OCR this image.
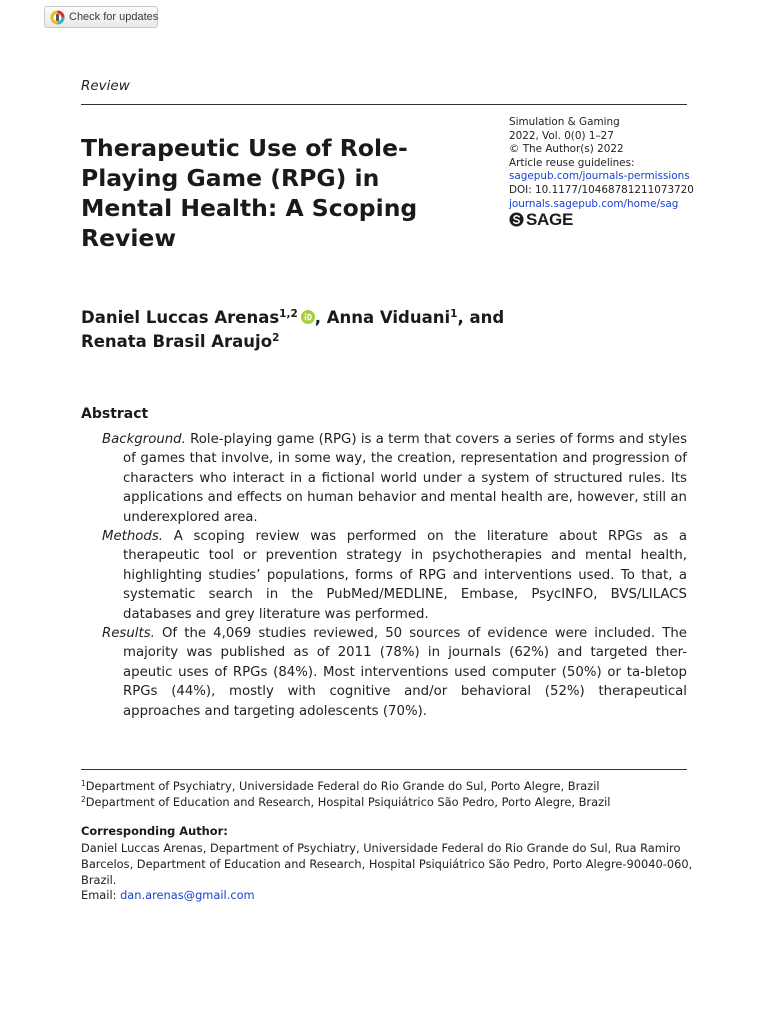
Check for updates
Review
Therapeutic Use of Role-Playing Game (RPG) in Mental Health: A Scoping Review
Simulation & Gaming
2022, Vol. 0(0) 1–27
© The Author(s) 2022
Article reuse guidelines:
sagepub.com/journals-permissions
DOI: 10.1177/10468781211073720
journals.sagepub.com/home/sag
SAGE
Daniel Luccas Arenas$^{1,2}$ , Anna Viduani$^1$, and
Renata Brasil Araujo$^2$
Abstract

Background. Role-playing game (RPG) is a term that covers a series of forms and styles of games that involve, in some way, the creation, representation and progression of characters who interact in a fictional world under a system of structured rules. Its applications and effects on human behavior and mental health are, however, still an underexplored area.

Methods. A scoping review was performed on the literature about RPGs as a therapeutic tool or prevention strategy in psychotherapies and mental health, highlighting studies’ populations, forms of RPG and interventions used. To that, a systematic search in the PubMed/MEDLINE, Embase, PsycINFO, BVS/LILACS databases and grey literature was performed.

Results. Of the 4,069 studies reviewed, 50 sources of evidence were included. The majority was published as of 2011 (78%) in journals (62%) and targeted ther-apeutic uses of RPGs (84%). Most interventions used computer (50%) or ta-bletop RPGs (44%), mostly with cognitive and/or behavioral (52%) therapeutical approaches and targeting adolescents (70%).

$^1$Department of Psychiatry, Universidade Federal do Rio Grande do Sul, Porto Alegre, Brazil
$^2$Department of Education and Research, Hospital Psiquiátrico São Pedro, Porto Alegre, Brazil
Corresponding Author:
Daniel Luccas Arenas, Department of Psychiatry, Universidade Federal do Rio Grande do Sul, Rua Ramiro Barcelos, Department of Education and Research, Hospital Psiquiátrico São Pedro, Porto Alegre-90040-060, Brazil.
Email: dan.arenas@gmail.com
